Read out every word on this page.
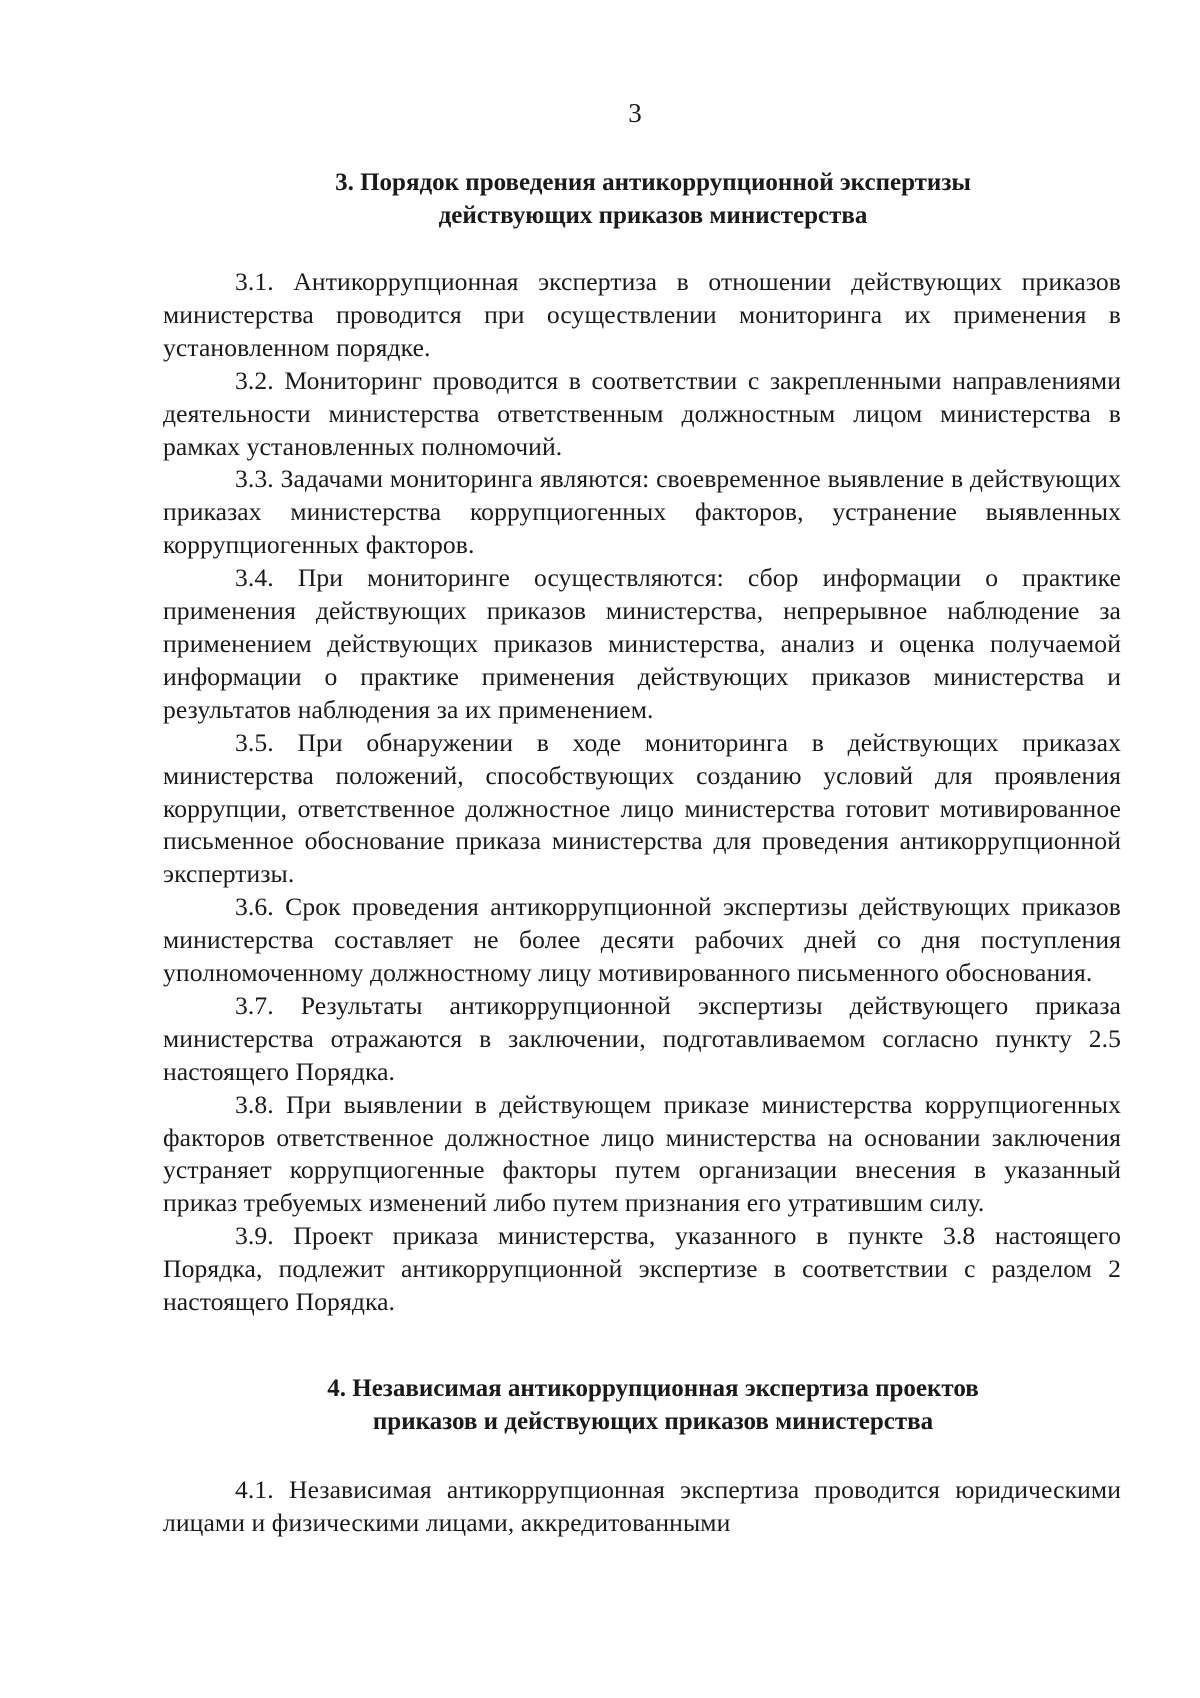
3
3. Порядок проведения антикоррупционной экспертизы
действующих приказов министерства

3.1. Антикоррупционная экспертиза в отношении действующих приказов министерства проводится при осуществлении мониторинга их применения в установленном порядке.

3.2. Мониторинг проводится в соответствии с закрепленными направлениями деятельности министерства ответственным должностным лицом министерства в рамках установленных полномочий.

3.3. Задачами мониторинга являются: своевременное выявление в действующих приказах министерства коррупциогенных факторов, устранение выявленных коррупциогенных факторов.

3.4. При мониторинге осуществляются: сбор информации о практике применения действующих приказов министерства, непрерывное наблюдение за применением действующих приказов министерства, анализ и оценка получаемой информации о практике применения действующих приказов министерства и результатов наблюдения за их применением.

3.5. При обнаружении в ходе мониторинга в действующих приказах министерства положений, способствующих созданию условий для проявления коррупции, ответственное должностное лицо министерства готовит мотивированное письменное обоснование приказа министерства для проведения антикоррупционной экспертизы.

3.6. Срок проведения антикоррупционной экспертизы действующих приказов министерства составляет не более десяти рабочих дней со дня поступления уполномоченному должностному лицу мотивированного письменного обоснования.

3.7. Результаты антикоррупционной экспертизы действующего приказа министерства отражаются в заключении, подготавливаемом согласно пункту 2.5 настоящего Порядка.

3.8. При выявлении в действующем приказе министерства коррупциогенных факторов ответственное должностное лицо министерства на основании заключения устраняет коррупциогенные факторы путем организации внесения в указанный приказ требуемых изменений либо путем признания его утратившим силу.

3.9. Проект приказа министерства, указанного в пункте 3.8 настоящего Порядка, подлежит антикоррупционной экспертизе в соответствии с разделом 2 настоящего Порядка.

4. Независимая антикоррупционная экспертиза проектов
приказов и действующих приказов министерства

4.1. Независимая антикоррупционная экспертиза проводится юридическими лицами и физическими лицами, аккредитованными
